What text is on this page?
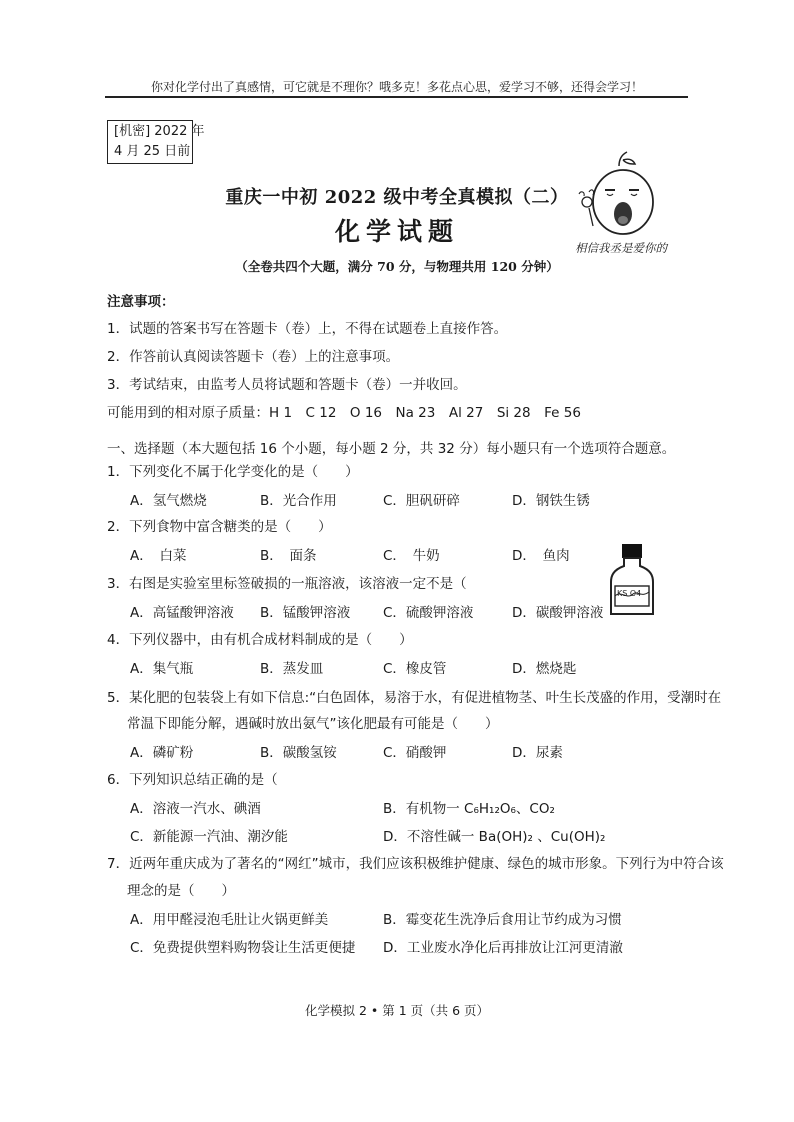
你对化学付出了真感情，可它就是不理你？哦多克！多花点心思，爱学习不够，还得会学习！
[机密] 2022 年
4 月 25 日前
重庆一中初 2022 级中考全真模拟（二）
化学试题
（全卷共四个大题，满分 70 分，与物理共用 120 分钟）
相信我丞是爱你的
注意事项：
1．试题的答案书写在答题卡（卷）上，不得在试题卷上直接作答。
2．作答前认真阅读答题卡（卷）上的注意事项。
3．考试结束，由监考人员将试题和答题卡（卷）一并收回。
可能用到的相对原子质量：H 1　C 12　O 16　Na 23　Al 27　Si 28　Fe 56
一、选择题（本大题包括 16 个小题，每小题 2 分，共 32 分）每小题只有一个选项符合题意。
1．下列变化不属于化学变化的是（　　）
A．氢气燃烧	B．光合作用	C．胆矾研碎	D．钢铁生锈
2．下列食物中富含糖类的是（　　）
A．　白菜	B．　面条	C．　牛奶	D．　鱼肉
KS O4
3．右图是实验室里标签破损的一瓶溶液，该溶液一定不是（
A．高锰酸钾溶液 B．锰酸钾溶液 C．硫酸钾溶液	D．碳酸钾溶液
4．下列仪器中，由有机合成材料制成的是（　　）
A．集气瓶	B．蒸发皿	C．橡皮管	D．燃烧匙
5．某化肥的包装袋上有如下信息:“白色固体，易溶于水，有促进植物茎、叶生长茂盛的作用，受潮时在
常温下即能分解，遇碱时放出氨气”该化肥最有可能是（　　）
A．磷矿粉	B．碳酸氢铵	C．硝酸钾	D．尿素
6．下列知识总结正确的是（
A．溶液一汽水、碘酒	B．有机物一 C₆H₁₂O₆、CO₂
C．新能源一汽油、潮汐能	D．不溶性碱一 Ba(OH)₂ 、Cu(OH)₂
7．近两年重庆成为了著名的“网红”城市，我们应该积极维护健康、绿色的城市形象。下列行为中符合该
理念的是（　　）
A．用甲醛浸泡毛肚让火锅更鲜美	B．霉变花生洗净后食用让节约成为习惯
C．免费提供塑料购物袋让生活更便捷 D．工业废水净化后再排放让江河更清澈
化学模拟 2 • 第 1 页（共 6 页）
